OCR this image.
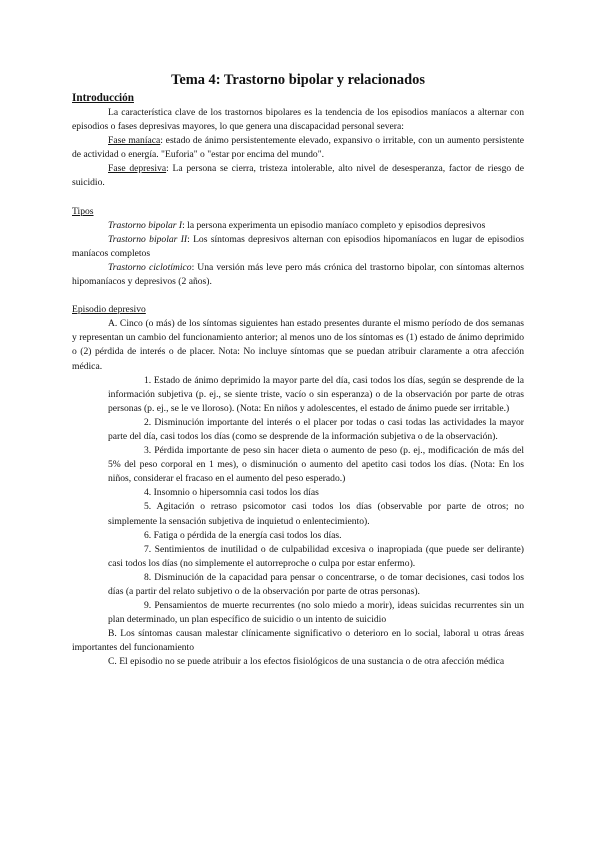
Tema 4: Trastorno bipolar y relacionados
Introducción

La característica clave de los trastornos bipolares es la tendencia de los episodios maníacos a alternar con episodios o fases depresivas mayores, lo que genera una discapacidad personal severa:

Fase maníaca: estado de ánimo persistentemente elevado, expansivo o irritable, con un aumento persistente de actividad o energía. "Euforia" o "estar por encima del mundo".

Fase depresiva: La persona se cierra, tristeza intolerable, alto nivel de desesperanza, factor de riesgo de suicidio.

Tipos

Trastorno bipolar I: la persona experimenta un episodio maníaco completo y episodios depresivos

Trastorno bipolar II: Los síntomas depresivos alternan con episodios hipomaníacos en lugar de episodios maníacos completos

Trastorno ciclotímico: Una versión más leve pero más crónica del trastorno bipolar, con síntomas alternos hipomaníacos y depresivos (2 años).

Episodio depresivo

A. Cinco (o más) de los síntomas siguientes han estado presentes durante el mismo período de dos semanas y representan un cambio del funcionamiento anterior; al menos uno de los síntomas es (1) estado de ánimo deprimido o (2) pérdida de interés o de placer. Nota: No incluye síntomas que se puedan atribuir claramente a otra afección médica.

1. Estado de ánimo deprimido la mayor parte del día, casi todos los días, según se desprende de la información subjetiva (p. ej., se siente triste, vacío o sin esperanza) o de la observación por parte de otras personas (p. ej., se le ve lloroso). (Nota: En niños y adolescentes, el estado de ánimo puede ser irritable.)

2. Disminución importante del interés o el placer por todas o casi todas las actividades la mayor parte del día, casi todos los días (como se desprende de la información subjetiva o de la observación).

3. Pérdida importante de peso sin hacer dieta o aumento de peso (p. ej., modificación de más del 5% del peso corporal en 1 mes), o disminución o aumento del apetito casi todos los días. (Nota: En los niños, considerar el fracaso en el aumento del peso esperado.)

4. Insomnio o hipersomnia casi todos los días

5. Agitación o retraso psicomotor casi todos los días (observable por parte de otros; no simplemente la sensación subjetiva de inquietud o enlentecimiento).

6. Fatiga o pérdida de la energía casi todos los días.

7. Sentimientos de inutilidad o de culpabilidad excesiva o inapropiada (que puede ser delirante) casi todos los días (no simplemente el autorreproche o culpa por estar enfermo).

8. Disminución de la capacidad para pensar o concentrarse, o de tomar decisiones, casi todos los días (a partir del relato subjetivo o de la observación por parte de otras personas).

9. Pensamientos de muerte recurrentes (no solo miedo a morir), ideas suicidas recurrentes sin un plan determinado, un plan específico de suicidio o un intento de suicidio

B. Los síntomas causan malestar clínicamente significativo o deterioro en lo social, laboral u otras áreas importantes del funcionamiento

C. El episodio no se puede atribuir a los efectos fisiológicos de una sustancia o de otra afección médica
